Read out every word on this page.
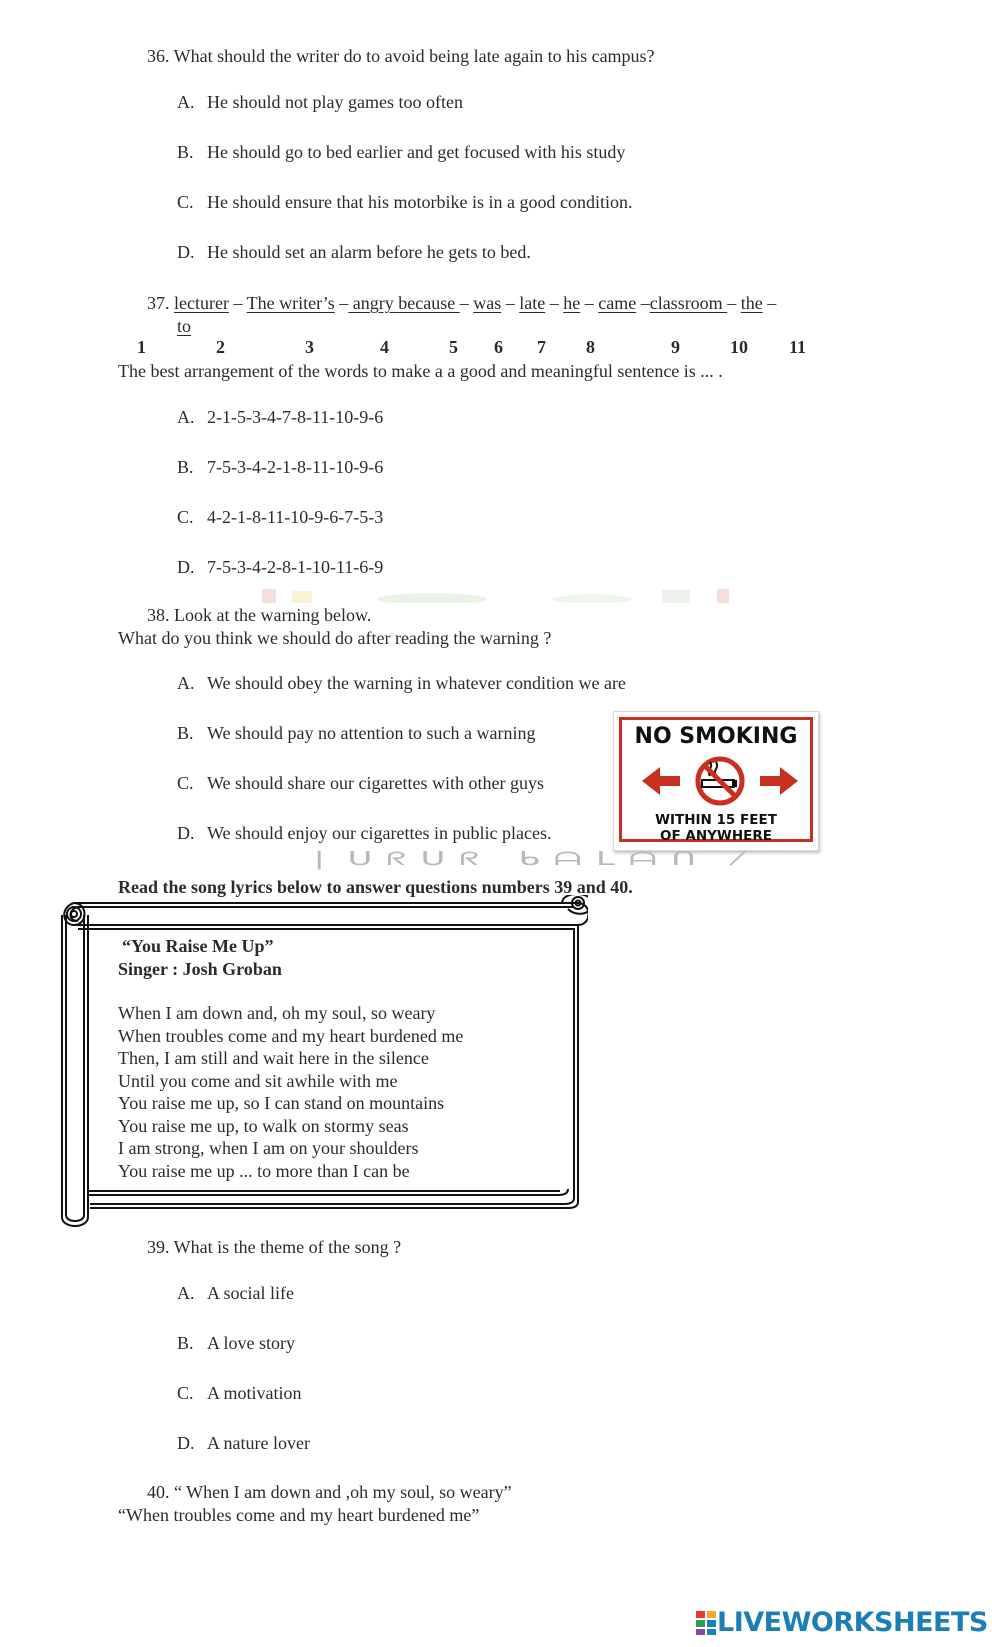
36. What should the writer do to avoid being late again to his campus?
A. He should not play games too often
B. He should go to bed earlier and get focused with his study
C. He should ensure that his motorbike is in a good condition.
D. He should set an alarm before he gets to bed.
37. lecturer – The writer’s – angry because – was – late – he – came –classroom – the –
to
1	2	3	4	5 6 7 8	9	10 11
The best arrangement of the words to make a a good and meaningful sentence is ... .
A. 2-1-5-3-4-7-8-11-10-9-6
B. 7-5-3-4-2-1-8-11-10-9-6
C. 4-2-1-8-11-10-9-6-7-5-3
D. 7-5-3-4-2-8-1-10-11-6-9
38. Look at the warning below.
What do you think we should do after reading the warning ?
A. We should obey the warning in whatever condition we are
B. We should pay no attention to such a warning
C. We should share our cigarettes with other guys
D. We should enjoy our cigarettes in public places.
NO SMOKING
WITHIN 15 FEET
OF ANYWHERE
❘ᑌᖇᑌᖇ ᑲᗩᒪᗩᑎ ⁄
Read the song lyrics below to answer questions numbers 39 and 40.
“You Raise Me Up”
Singer : Josh Groban
When I am down and, oh my soul, so weary
When troubles come and my heart burdened me
Then, I am still and wait here in the silence
Until you come and sit awhile with me
You raise me up, so I can stand on mountains
You raise me up, to walk on stormy seas
I am strong, when I am on your shoulders
You raise me up ... to more than I can be
39. What is the theme of the song ?
A. A social life
B. A love story
C. A motivation
D. A nature lover
40. “ When I am down and ,oh my soul, so weary”
“When troubles come and my heart burdened me”
LIVEWORKSHEETS
